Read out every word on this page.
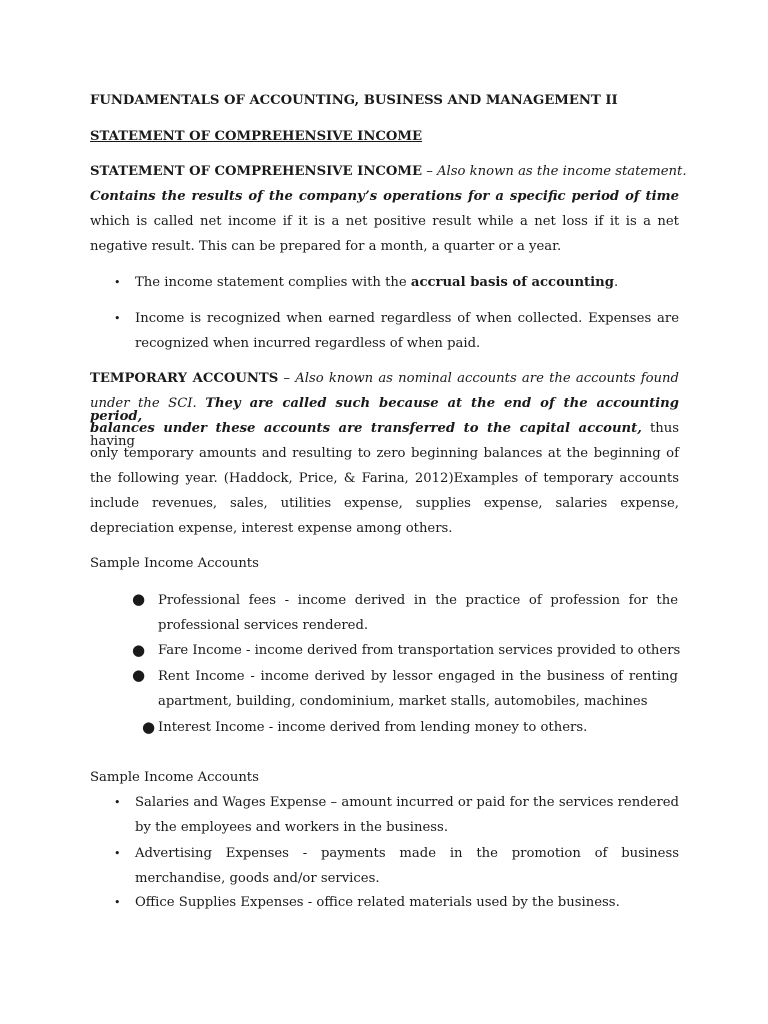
FUNDAMENTALS OF ACCOUNTING, BUSINESS AND MANAGEMENT II
STATEMENT OF COMPREHENSIVE INCOME
STATEMENT OF COMPREHENSIVE INCOME – Also known as the income statement.
Contains the results of the company’s operations for a specific period of time
which is called net income if it is a net positive result while a net loss if it is a net
negative result. This can be prepared for a month, a quarter or a year.
• The income statement complies with the accrual basis of accounting.
• Income is recognized when earned regardless of when collected. Expenses are
recognized when incurred regardless of when paid.
TEMPORARY ACCOUNTS – Also known as nominal accounts are the accounts found
under the SCI. They are called such because at the end of the accounting period,
balances under these accounts are transferred to the capital account, thus having
only temporary amounts and resulting to zero beginning balances at the beginning of
the following year. (Haddock, Price, & Farina, 2012)Examples of temporary accounts
include revenues, sales, utilities expense, supplies expense, salaries expense,
depreciation expense, interest expense among others.
Sample Income Accounts
● Professional fees - income derived in the practice of profession for the
professional services rendered.
● Fare Income - income derived from transportation services provided to others
● Rent Income - income derived by lessor engaged in the business of renting
apartment, building, condominium, market stalls, automobiles, machines
● Interest Income - income derived from lending money to others.
Sample Income Accounts
• Salaries and Wages Expense – amount incurred or paid for the services rendered
by the employees and workers in the business.
• Advertising Expenses - payments made in the promotion of business
merchandise, goods and/or services.
• Office Supplies Expenses - office related materials used by the business.
